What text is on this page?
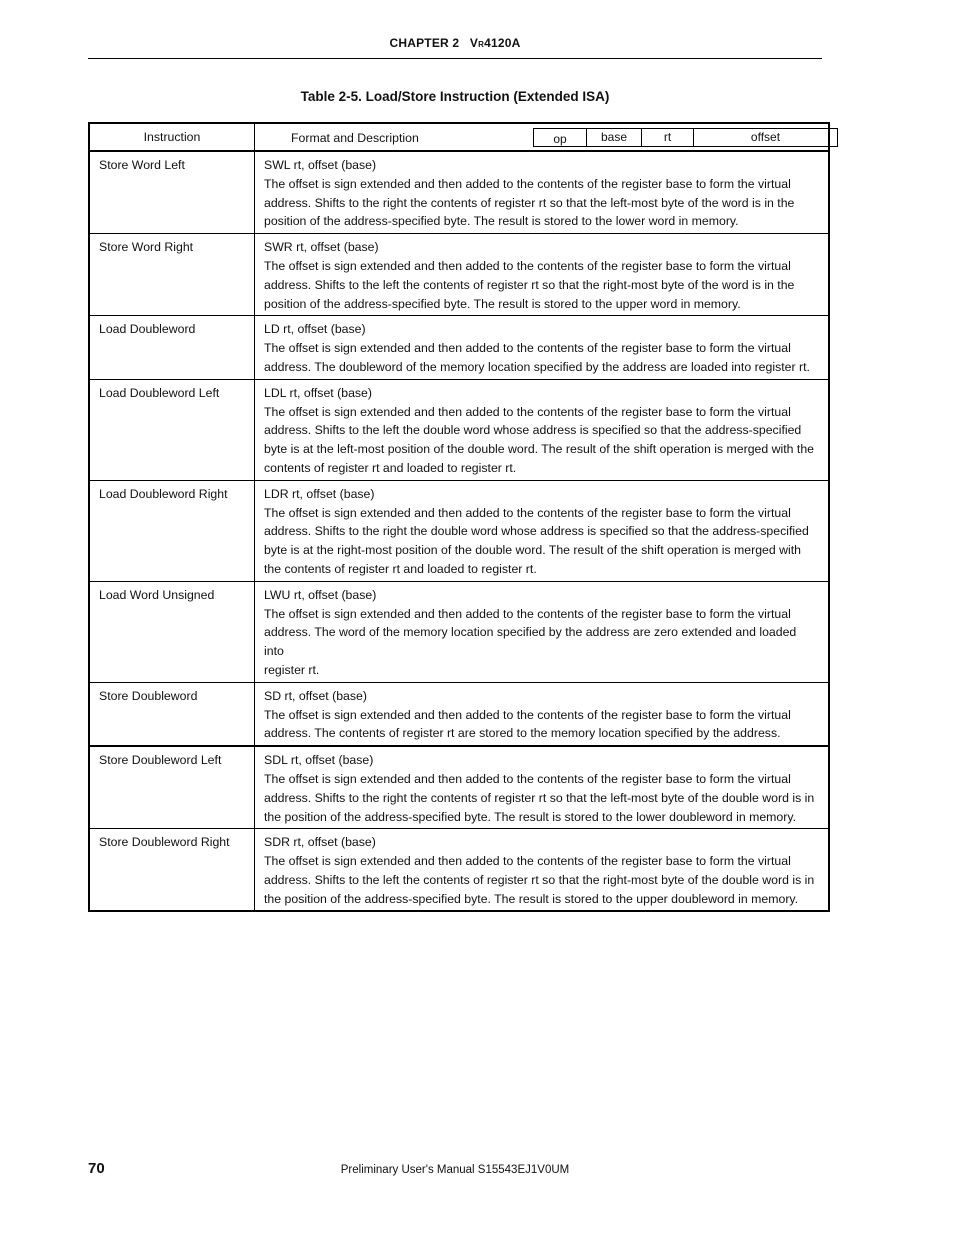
CHAPTER 2 VR4120A
Table 2-5. Load/Store Instruction (Extended ISA)
Instruction	Format and Description op base rt offset

Store Word Left	SWL rt, offset (base)
The offset is sign extended and then added to the contents of the register base to form the virtual
address. Shifts to the right the contents of register rt so that the left-most byte of the word is in the
position of the address-specified byte. The result is stored to the lower word in memory.

Store Word Right	SWR rt, offset (base)
The offset is sign extended and then added to the contents of the register base to form the virtual
address. Shifts to the left the contents of register rt so that the right-most byte of the word is in the
position of the address-specified byte. The result is stored to the upper word in memory.

Load Doubleword	LD rt, offset (base)
The offset is sign extended and then added to the contents of the register base to form the virtual
address. The doubleword of the memory location specified by the address are loaded into register rt.

Load Doubleword Left	LDL rt, offset (base)
The offset is sign extended and then added to the contents of the register base to form the virtual
address. Shifts to the left the double word whose address is specified so that the address-specified
byte is at the left-most position of the double word. The result of the shift operation is merged with the
contents of register rt and loaded to register rt.

Load Doubleword Right	LDR rt, offset (base)
The offset is sign extended and then added to the contents of the register base to form the virtual
address. Shifts to the right the double word whose address is specified so that the address-specified
byte is at the right-most position of the double word. The result of the shift operation is merged with
the contents of register rt and loaded to register rt.

Load Word Unsigned	LWU rt, offset (base)
The offset is sign extended and then added to the contents of the register base to form the virtual
address. The word of the memory location specified by the address are zero extended and loaded into
register rt.

Store Doubleword	SD rt, offset (base)
The offset is sign extended and then added to the contents of the register base to form the virtual
address. The contents of register rt are stored to the memory location specified by the address.

Store Doubleword Left	SDL rt, offset (base)
The offset is sign extended and then added to the contents of the register base to form the virtual
address. Shifts to the right the contents of register rt so that the left-most byte of the double word is in
the position of the address-specified byte. The result is stored to the lower doubleword in memory.

Store Doubleword Right	SDR rt, offset (base)
The offset is sign extended and then added to the contents of the register base to form the virtual
address. Shifts to the left the contents of register rt so that the right-most byte of the double word is in
the position of the address-specified byte. The result is stored to the upper doubleword in memory.
70	Preliminary User's Manual S15543EJ1V0UM
